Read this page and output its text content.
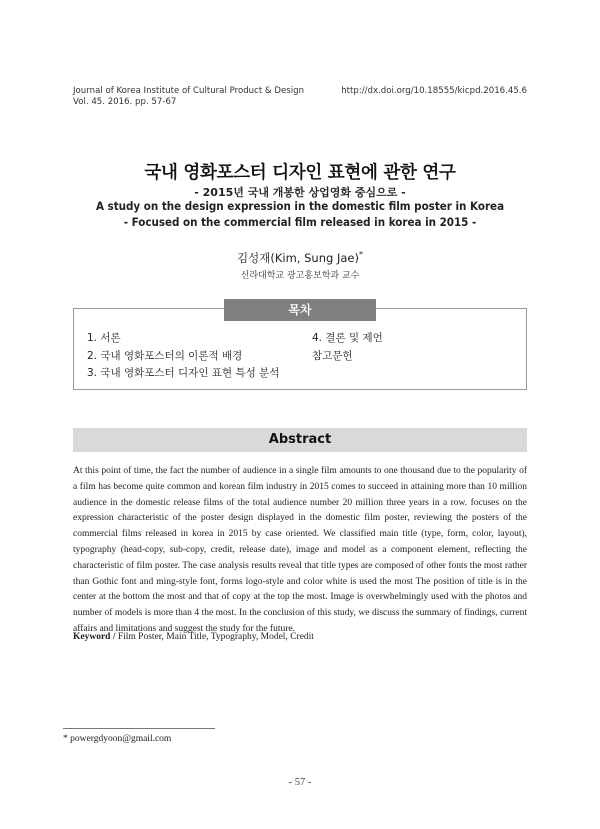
Journal of Korea Institute of Cultural Product & Design
Vol. 45. 2016. pp. 57-67
http://dx.doi.org/10.18555/kicpd.2016.45.6
국내 영화포스터 디자인 표현에 관한 연구
- 2015년 국내 개봉한 상업영화 중심으로 -
A study on the design expression in the domestic film poster in Korea
- Focused on the commercial film released in korea in 2015 -
김성재(Kim, Sung Jae)*
신라대학교 광고홍보학과 교수
목차
1. 서론
2. 국내 영화포스터의 이론적 배경
3. 국내 영화포스터 디자인 표현 특성 분석
4. 결론 및 제언
참고문헌
Abstract

At this point of time, the fact the number of audience in a single film amounts to one thousand due to the popularity of a film has become quite common and korean film industry in 2015 comes to succeed in attaining more than 10 million audience in the domestic release films of the total audience number 20 million three years in a row. focuses on the expression characteristic of the poster design displayed in the domestic film poster, reviewing the posters of the commercial films released in korea in 2015 by case oriented. We classified main title (type, form, color, layout), typography (head-copy, sub-copy, credit, release date), image and model as a component element, reflecting the characteristic of film poster. The case analysis results reveal that title types are composed of other fonts the most rather than Gothic font and ming-style font, forms logo-style and color white is used the most The position of title is in the center at the bottom the most and that of copy at the top the most. Image is overwhelmingly used with the photos and number of models is more than 4 the most. In the conclusion of this study, we discuss the summary of findings, current affairs and limitations and suggest the study for the future.

Keyword / Film Poster, Main Title, Typography, Model, Credit
* powergdyoon@gmail.com
- 57 -
